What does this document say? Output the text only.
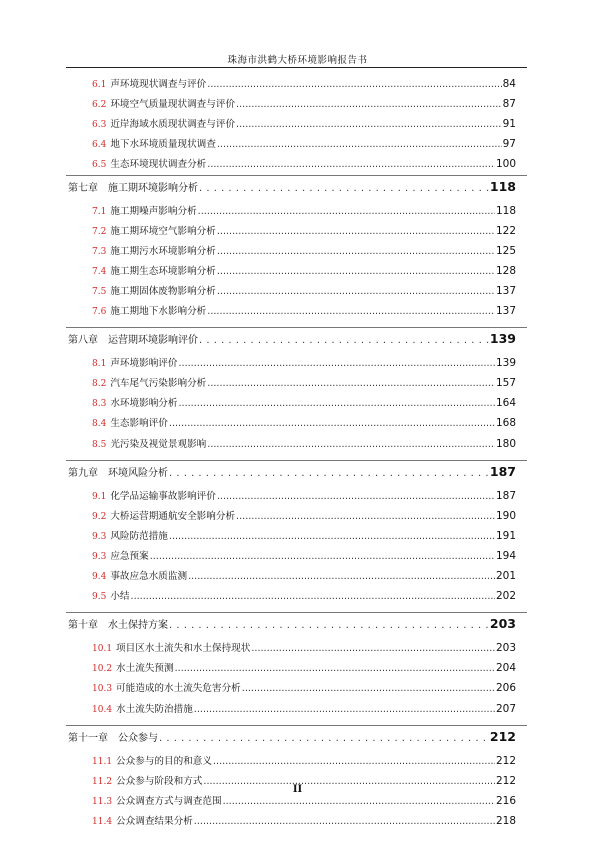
珠海市洪鹤大桥环境影响报告书
6.1 声环境现状调查与评价 .....	84
6.2 环境空气质量现状调查与评价 .....	87
6.3 近岸海域水质现状调查与评价 .....	91
6.4 地下水环境质量现状调查 .....	97
6.5 生态环境现状调查分析 .....	100
第七章 施工期环境影响分析 . . .	118
7.1 施工期噪声影响分析 .....	118
7.2 施工期环境空气影响分析 .....	122
7.3 施工期污水环境影响分析 .....	125
7.4 施工期生态环境影响分析 .....	128
7.5 施工期固体废物影响分析 .....	137
7.6 施工期地下水影响分析 .....	137
第八章 运营期环境影响评价 . . .	139
8.1 声环境影响评价 .....	139
8.2 汽车尾气污染影响分析 .....	157
8.3 水环境影响分析 .....	164
8.4 生态影响评价 .....	168
8.5 光污染及视觉景观影响 .....	180
第九章 环境风险分析 . . .	187
9.1 化学品运输事故影响评价 .....	187
9.2 大桥运营期通航安全影响分析 .....	190
9.3 风险防范措施 .....	191
9.3 应急预案 .....	194
9.4 事故应急水质监测 .....	201
9.5 小结 .....	202
第十章 水土保持方案 . . .	203
10.1 项目区水土流失和水土保持现状 .....	203
10.2 水土流失预测 .....	204
10.3 可能造成的水土流失危害分析 .....	206
10.4 水土流失防治措施 .....	207
第十一章 公众参与 . . .	212
11.1 公众参与的目的和意义 .....	212
11.2 公众参与阶段和方式 .....	212
11.3 公众调查方式与调查范围 .....	216
11.4 公众调查结果分析 .....	218
II
